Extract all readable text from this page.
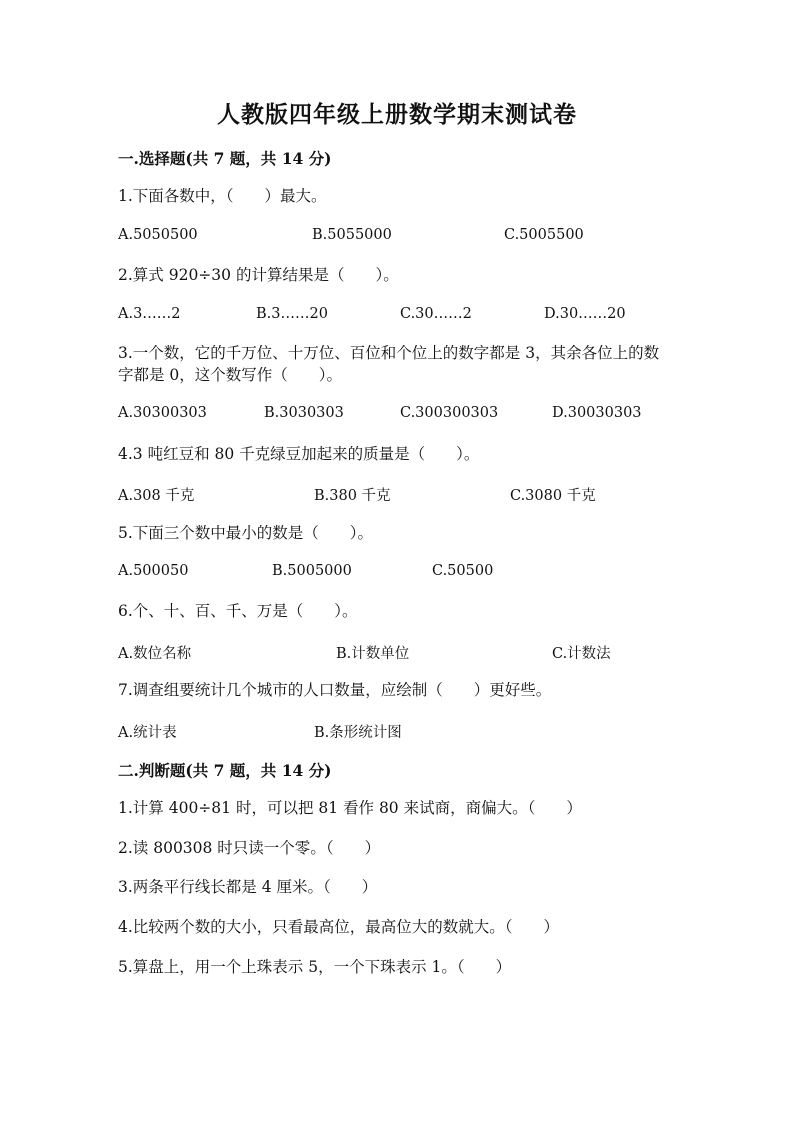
人教版四年级上册数学期末测试卷
一.选择题(共 7 题，共 14 分)
1.下面各数中，（　　）最大。
A.5050500	B.5055000	C.5005500
2.算式 920÷30 的计算结果是（　　）。
A.3……2	B.3……20	C.30……2	D.30……20
3.一个数，它的千万位、十万位、百位和个位上的数字都是 3，其余各位上的数字都是 0，这个数写作（　　）。
A.30300303	B.3030303	C.300300303	D.30030303
4.3 吨红豆和 80 千克绿豆加起来的质量是（　　）。
A.308 千克	B.380 千克	C.3080 千克
5.下面三个数中最小的数是（　　）。
A.500050	B.5005000	C.50500
6.个、十、百、千、万是（　　）。
A.数位名称	B.计数单位	C.计数法
7.调查组要统计几个城市的人口数量，应绘制（　　）更好些。
A.统计表	B.条形统计图
二.判断题(共 7 题，共 14 分)
1.计算 400÷81 时，可以把 81 看作 80 来试商，商偏大。（　　）
2.读 800308 时只读一个零。（　　）
3.两条平行线长都是 4 厘米。（　　）
4.比较两个数的大小，只看最高位，最高位大的数就大。（　　）
5.算盘上，用一个上珠表示 5，一个下珠表示 1。（　　）
